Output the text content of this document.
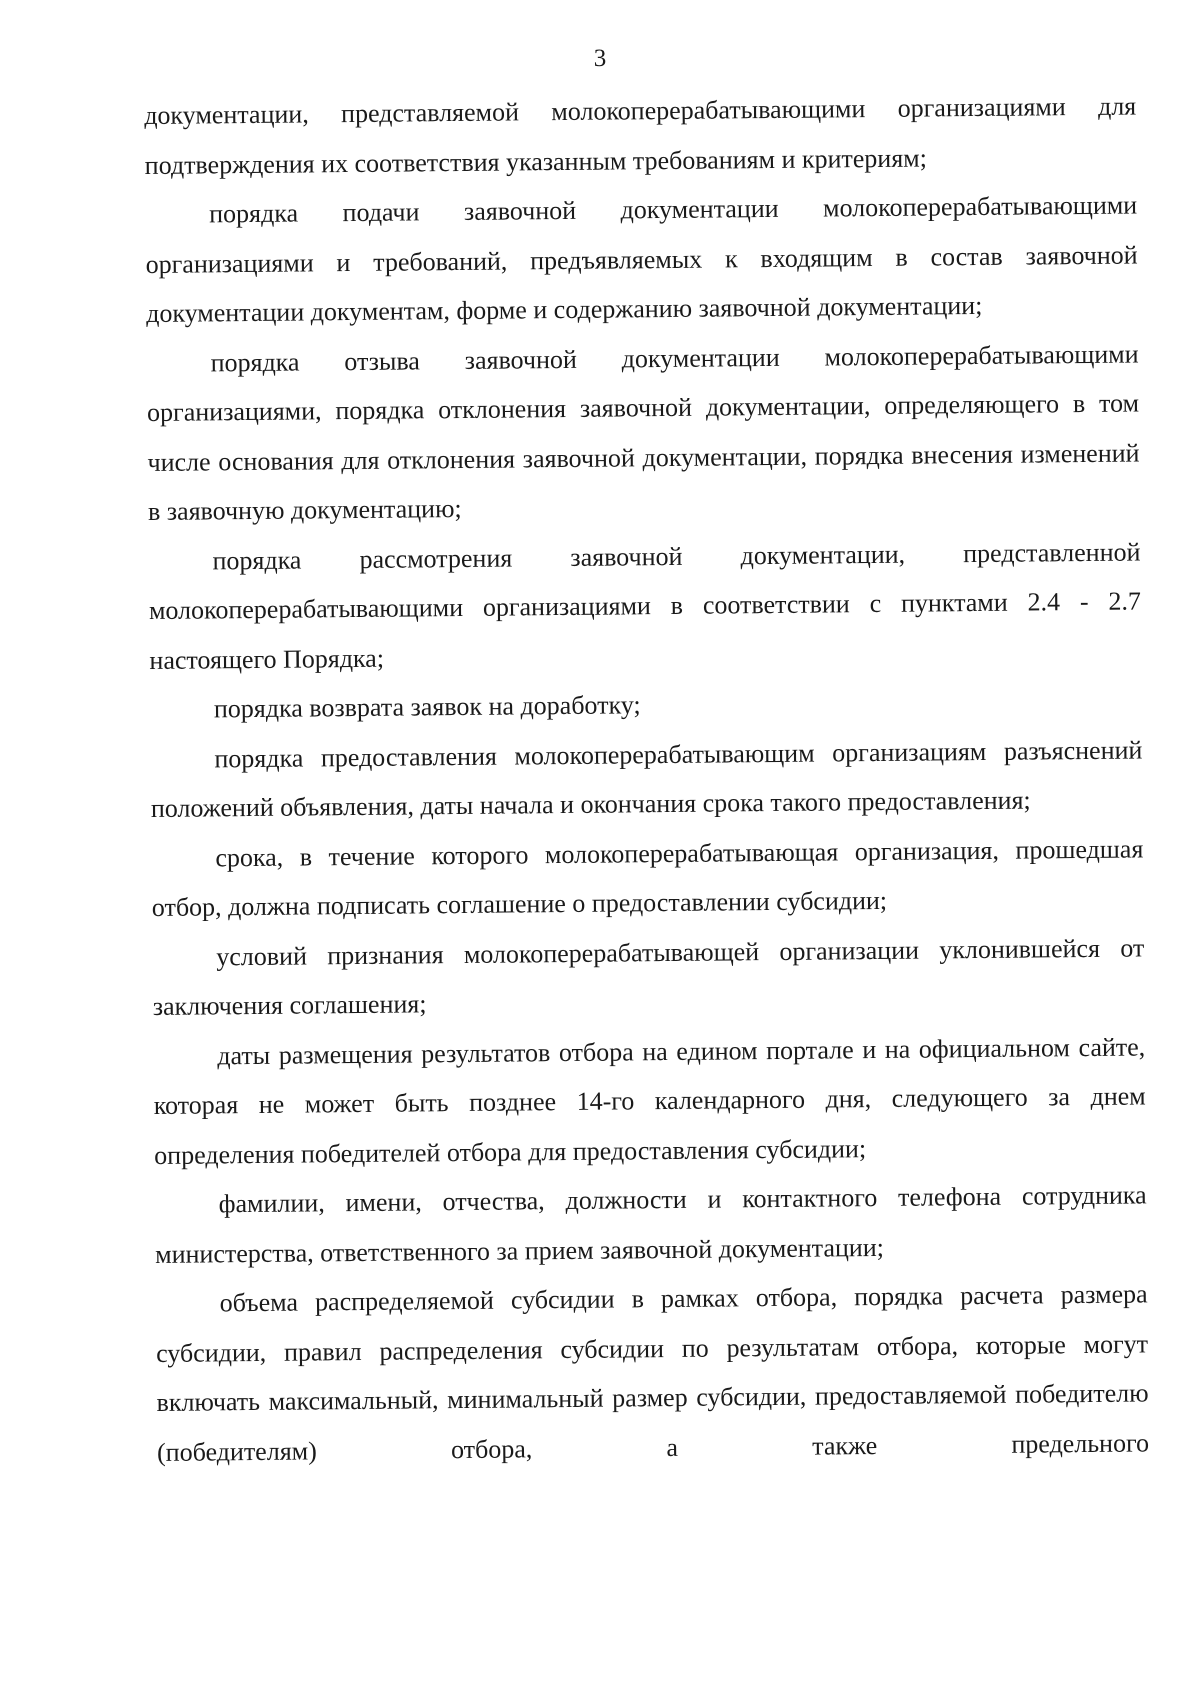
3

документации, представляемой молокоперерабатывающими организациями для подтверждения их соответствия указанным требованиям и критериям;

порядка подачи заявочной документации молокоперерабатывающими организациями и требований, предъявляемых к входящим в состав заявочной документации документам, форме и содержанию заявочной документации;

порядка отзыва заявочной документации молокоперерабатывающими организациями, порядка отклонения заявочной документации, определяющего в том числе основания для отклонения заявочной документации, порядка внесения изменений в заявочную документацию;

порядка рассмотрения заявочной документации, представленной молокоперерабатывающими организациями в соответствии с пунктами 2.4 - 2.7 настоящего Порядка;

порядка возврата заявок на доработку;

порядка предоставления молокоперерабатывающим организациям разъяснений положений объявления, даты начала и окончания срока такого предоставления;

срока, в течение которого молокоперерабатывающая организация, прошедшая отбор, должна подписать соглашение о предоставлении субсидии;

условий признания молокоперерабатывающей организации уклонившейся от заключения соглашения;

даты размещения результатов отбора на едином портале и на официальном сайте, которая не может быть позднее 14-го календарного дня, следующего за днем определения победителей отбора для предоставления субсидии;

фамилии, имени, отчества, должности и контактного телефона сотрудника министерства, ответственного за прием заявочной документации;

объема распределяемой субсидии в рамках отбора, порядка расчета размера субсидии, правил распределения субсидии по результатам отбора, которые могут включать максимальный, минимальный размер субсидии, предоставляемой победителю (победителям) отбора, а также предельного
